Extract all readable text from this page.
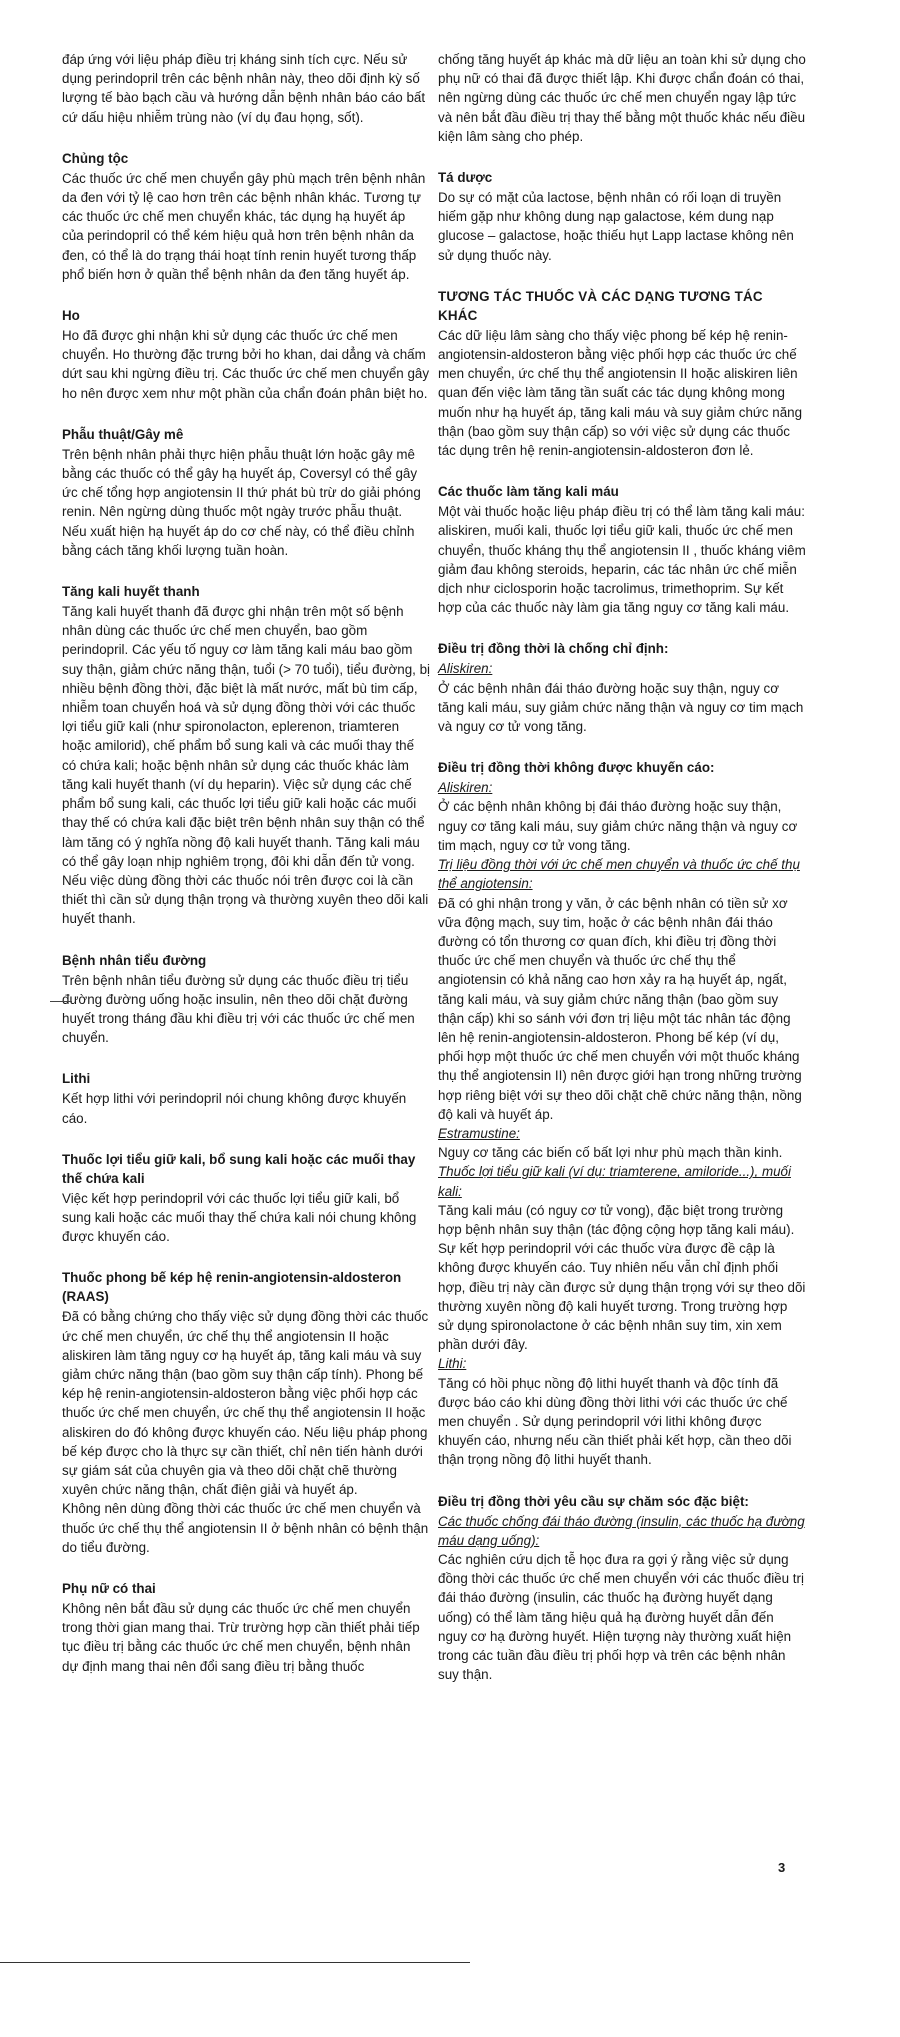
đáp ứng với liệu pháp điều trị kháng sinh tích cực. Nếu sử dụng perindopril trên các bệnh nhân này, theo dõi định kỳ số lượng tế bào bạch cầu và hướng dẫn bệnh nhân báo cáo bất cứ dấu hiệu nhiễm trùng nào (ví dụ đau họng, sốt).

Chủng tộc

Các thuốc ức chế men chuyển gây phù mạch trên bệnh nhân da đen với tỷ lệ cao hơn trên các bệnh nhân khác. Tương tự các thuốc ức chế men chuyển khác, tác dụng hạ huyết áp của perindopril có thể kém hiệu quả hơn trên bệnh nhân da đen, có thể là do trạng thái hoạt tính renin huyết tương thấp phổ biến hơn ở quần thể bệnh nhân da đen tăng huyết áp.

Ho

Ho đã được ghi nhận khi sử dụng các thuốc ức chế men chuyển. Ho thường đặc trưng bởi ho khan, dai dẳng và chấm dứt sau khi ngừng điều trị. Các thuốc ức chế men chuyển gây ho nên được xem như một phần của chẩn đoán phân biệt ho.

Phẫu thuật/Gây mê

Trên bệnh nhân phải thực hiện phẫu thuật lớn hoặc gây mê bằng các thuốc có thể gây hạ huyết áp, Coversyl có thể gây ức chế tổng hợp angiotensin II thứ phát bù trừ do giải phóng renin. Nên ngừng dùng thuốc một ngày trước phẫu thuật. Nếu xuất hiện hạ huyết áp do cơ chế này, có thể điều chỉnh bằng cách tăng khối lượng tuần hoàn.

Tăng kali huyết thanh

Tăng kali huyết thanh đã được ghi nhận trên một số bệnh nhân dùng các thuốc ức chế men chuyển, bao gồm perindopril. Các yếu tố nguy cơ làm tăng kali máu bao gồm suy thận, giảm chức năng thận, tuổi (> 70 tuổi), tiểu đường, bị nhiều bệnh đồng thời, đặc biệt là mất nước, mất bù tim cấp, nhiễm toan chuyển hoá và sử dụng đồng thời với các thuốc lợi tiểu giữ kali (như spironolacton, eplerenon, triamteren hoặc amilorid), chế phẩm bổ sung kali và các muối thay thế có chứa kali; hoặc bệnh nhân sử dụng các thuốc khác làm tăng kali huyết thanh (ví dụ heparin). Việc sử dụng các chế phẩm bổ sung kali, các thuốc lợi tiểu giữ kali hoặc các muối thay thế có chứa kali đặc biệt trên bệnh nhân suy thận có thể làm tăng có ý nghĩa nồng độ kali huyết thanh. Tăng kali máu có thể gây loạn nhịp nghiêm trọng, đôi khi dẫn đến tử vong. Nếu việc dùng đồng thời các thuốc nói trên được coi là cần thiết thì cần sử dụng thận trọng và thường xuyên theo dõi kali huyết thanh.

Bệnh nhân tiểu đường

Trên bệnh nhân tiểu đường sử dụng các thuốc điều trị tiểu đường đường uống hoặc insulin, nên theo dõi chặt đường huyết trong tháng đầu khi điều trị với các thuốc ức chế men chuyển.

Lithi

Kết hợp lithi với perindopril nói chung không được khuyến cáo.

Thuốc lợi tiểu giữ kali, bổ sung kali hoặc các muối thay thế chứa kali

Việc kết hợp perindopril với các thuốc lợi tiểu giữ kali, bổ sung kali hoặc các muối thay thế chứa kali nói chung không được khuyến cáo.

Thuốc phong bế kép hệ renin-angiotensin-aldosteron (RAAS)

Đã có bằng chứng cho thấy việc sử dụng đồng thời các thuốc ức chế men chuyển, ức chế thụ thể angiotensin II hoặc aliskiren làm tăng nguy cơ hạ huyết áp, tăng kali máu và suy giảm chức năng thận (bao gồm suy thận cấp tính). Phong bế kép hệ renin-angiotensin-aldosteron bằng việc phối hợp các thuốc ức chế men chuyển, ức chế thụ thể angiotensin II hoặc aliskiren do đó không được khuyến cáo. Nếu liệu pháp phong bế kép được cho là thực sự cần thiết, chỉ nên tiến hành dưới sự giám sát của chuyên gia và theo dõi chặt chẽ thường xuyên chức năng thận, chất điện giải và huyết áp.

Không nên dùng đồng thời các thuốc ức chế men chuyển và thuốc ức chế thụ thể angiotensin II ở bệnh nhân có bệnh thận do tiểu đường.

Phụ nữ có thai

Không nên bắt đầu sử dụng các thuốc ức chế men chuyển trong thời gian mang thai. Trừ trường hợp cần thiết phải tiếp tục điều trị bằng các thuốc ức chế men chuyển, bệnh nhân dự định mang thai nên đổi sang điều trị bằng thuốc

chống tăng huyết áp khác mà dữ liệu an toàn khi sử dụng cho phụ nữ có thai đã được thiết lập. Khi được chẩn đoán có thai, nên ngừng dùng các thuốc ức chế men chuyển ngay lập tức và nên bắt đầu điều trị thay thế bằng một thuốc khác nếu điều kiện lâm sàng cho phép.

Tá dược

Do sự có mặt của lactose, bệnh nhân có rối loạn di truyền hiếm gặp như không dung nạp galactose, kém dung nạp glucose – galactose, hoặc thiếu hụt Lapp lactase không nên sử dụng thuốc này.

TƯƠNG TÁC THUỐC VÀ CÁC DẠNG TƯƠNG TÁC KHÁC

Các dữ liệu lâm sàng cho thấy việc phong bế kép hệ renin-angiotensin-aldosteron bằng việc phối hợp các thuốc ức chế men chuyển, ức chế thụ thể angiotensin II hoặc aliskiren liên quan đến việc làm tăng tần suất các tác dụng không mong muốn như hạ huyết áp, tăng kali máu và suy giảm chức năng thận (bao gồm suy thận cấp) so với việc sử dụng các thuốc tác dụng trên hệ renin-angiotensin-aldosteron đơn lẻ.

Các thuốc làm tăng kali máu

Một vài thuốc hoặc liệu pháp điều trị có thể làm tăng kali máu: aliskiren, muối kali, thuốc lợi tiểu giữ kali, thuốc ức chế men chuyển, thuốc kháng thụ thể angiotensin II , thuốc kháng viêm giảm đau không steroids, heparin, các tác nhân ức chế miễn dịch như ciclosporin hoặc tacrolimus, trimethoprim. Sự kết hợp của các thuốc này làm gia tăng nguy cơ tăng kali máu.

Điều trị đồng thời là chống chỉ định:

Aliskiren:

Ở các bệnh nhân đái tháo đường hoặc suy thận, nguy cơ tăng kali máu, suy giảm chức năng thận và nguy cơ tim mạch và nguy cơ tử vong tăng.

Điều trị đồng thời không được khuyến cáo:

Aliskiren:

Ở các bệnh nhân không bị đái tháo đường hoặc suy thận, nguy cơ tăng kali máu, suy giảm chức năng thận và nguy cơ tim mạch, nguy cơ tử vong tăng.

Trị liệu đồng thời với ức chế men chuyển và thuốc ức chế thụ thể angiotensin:

Đã có ghi nhận trong y văn, ở các bệnh nhân có tiền sử xơ vữa động mạch, suy tim, hoặc ở các bệnh nhân đái tháo đường có tổn thương cơ quan đích, khi điều trị đồng thời thuốc ức chế men chuyển và thuốc ức chế thụ thể angiotensin có khả năng cao hơn xảy ra hạ huyết áp, ngất, tăng kali máu, và suy giảm chức năng thận (bao gồm suy thận cấp) khi so sánh với đơn trị liệu một tác nhân tác động lên hệ renin-angiotensin-aldosteron. Phong bế kép (ví dụ, phối hợp một thuốc ức chế men chuyển với một thuốc kháng thụ thể angiotensin II) nên được giới hạn trong những trường hợp riêng biệt với sự theo dõi chặt chẽ chức năng thận, nồng độ kali và huyết áp.

Estramustine:

Nguy cơ tăng các biến cố bất lợi như phù mạch thần kinh.

Thuốc lợi tiểu giữ kali (ví dụ: triamterene, amiloride...), muối kali:

Tăng kali máu (có nguy cơ tử vong), đặc biệt trong trường hợp bệnh nhân suy thận (tác động cộng hợp tăng kali máu). Sự kết hợp perindopril với các thuốc vừa được đề cập là không được khuyến cáo. Tuy nhiên nếu vẫn chỉ định phối hợp, điều trị này cần được sử dụng thận trọng với sự theo dõi thường xuyên nồng độ kali huyết tương. Trong trường hợp sử dụng spironolactone ở các bệnh nhân suy tim, xin xem phần dưới đây.

Lithi:

Tăng có hồi phục nồng độ lithi huyết thanh và độc tính đã được báo cáo khi dùng đồng thời lithi với các thuốc ức chế men chuyển . Sử dụng perindopril với lithi không được khuyến cáo, nhưng nếu cần thiết phải kết hợp, cần theo dõi thận trọng nồng độ lithi huyết thanh.

Điều trị đồng thời yêu cầu sự chăm sóc đặc biệt:

Các thuốc chống đái tháo đường (insulin, các thuốc hạ đường máu dạng uống):

Các nghiên cứu dịch tễ học đưa ra gợi ý rằng việc sử dụng đồng thời các thuốc ức chế men chuyển với các thuốc điều trị đái tháo đường (insulin, các thuốc hạ đường huyết dạng uống) có thể làm tăng hiệu quả hạ đường huyết dẫn đến nguy cơ hạ đường huyết. Hiện tượng này thường xuất hiện trong các tuần đầu điều trị phối hợp và trên các bệnh nhân suy thận.

3
